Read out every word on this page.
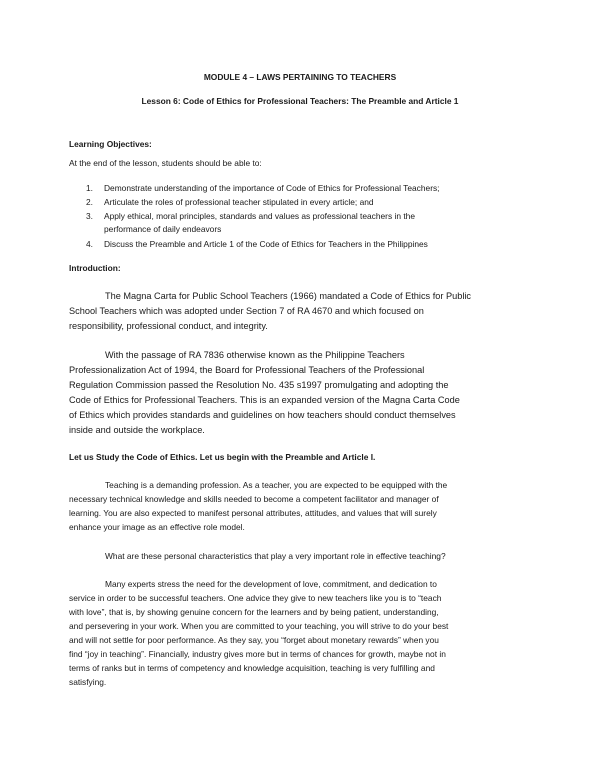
MODULE 4 – LAWS PERTAINING TO TEACHERS
Lesson 6: Code of Ethics for Professional Teachers: The Preamble and Article 1
Learning Objectives:
At the end of the lesson, students should be able to:
1. Demonstrate understanding of the importance of Code of Ethics for Professional Teachers;
2. Articulate the roles of professional teacher stipulated in every article; and
3. Apply ethical, moral principles, standards and values as professional teachers in the
performance of daily endeavors
4. Discuss the Preamble and Article 1 of the Code of Ethics for Teachers in the Philippines
Introduction:
The Magna Carta for Public School Teachers (1966) mandated a Code of Ethics for Public
School Teachers which was adopted under Section 7 of RA 4670 and which focused on
responsibility, professional conduct, and integrity.
With the passage of RA 7836 otherwise known as the Philippine Teachers
Professionalization Act of 1994, the Board for Professional Teachers of the Professional
Regulation Commission passed the Resolution No. 435 s1997 promulgating and adopting the
Code of Ethics for Professional Teachers. This is an expanded version of the Magna Carta Code
of Ethics which provides standards and guidelines on how teachers should conduct themselves
inside and outside the workplace.
Let us Study the Code of Ethics. Let us begin with the Preamble and Article I.
Teaching is a demanding profession. As a teacher, you are expected to be equipped with the
necessary technical knowledge and skills needed to become a competent facilitator and manager of
learning. You are also expected to manifest personal attributes, attitudes, and values that will surely
enhance your image as an effective role model.
What are these personal characteristics that play a very important role in effective teaching?
Many experts stress the need for the development of love, commitment, and dedication to
service in order to be successful teachers. One advice they give to new teachers like you is to “teach
with love”, that is, by showing genuine concern for the learners and by being patient, understanding,
and persevering in your work. When you are committed to your teaching, you will strive to do your best
and will not settle for poor performance. As they say, you “forget about monetary rewards” when you
find “joy in teaching”. Financially, industry gives more but in terms of chances for growth, maybe not in
terms of ranks but in terms of competency and knowledge acquisition, teaching is very fulfilling and
satisfying.
